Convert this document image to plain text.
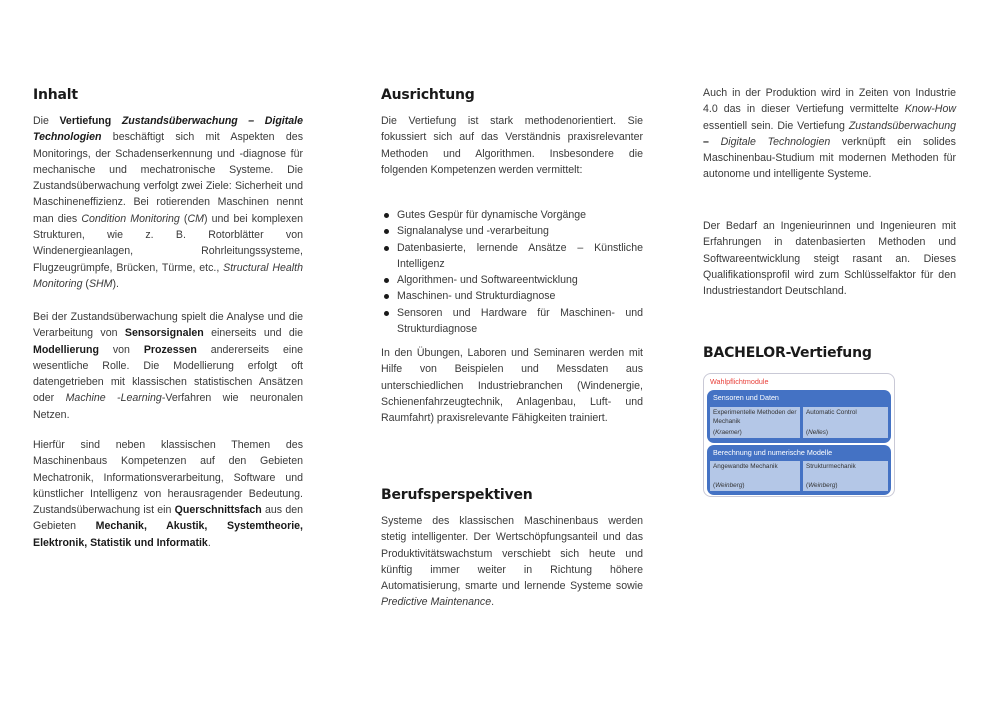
Inhalt

Die Vertiefung Zustandsüberwachung – Digitale Technologien beschäftigt sich mit Aspekten des Monitorings, der Schadenserkennung und -diagnose für mechanische und mechatronische Systeme. Die Zustandsüberwachung verfolgt zwei Ziele: Sicherheit und Maschineneffizienz. Bei rotierenden Maschinen nennt man dies Condition Monitoring (CM) und bei komplexen Strukturen, wie z. B. Rotorblätter von Windenergieanlagen, Rohrleitungssysteme, Flugzeugrümpfe, Brücken, Türme, etc., Structural Health Monitoring (SHM).

Bei der Zustandsüberwachung spielt die Analyse und die Verarbeitung von Sensorsignalen einerseits und die Modellierung von Prozessen andererseits eine wesentliche Rolle. Die Modellierung erfolgt oft datengetrieben mit klassischen statistischen Ansätzen oder Machine -Learning-Verfahren wie neuronalen Netzen.

Hierfür sind neben klassischen Themen des Maschinenbaus Kompetenzen auf den Gebieten Mechatronik, Informationsverarbeitung, Software und künstlicher Intelligenz von herausragender Bedeutung. Zustandsüberwachung ist ein Querschnittsfach aus den Gebieten Mechanik, Akustik, Systemtheorie, Elektronik, Statistik und Informatik.

Ausrichtung

Die Vertiefung ist stark methodenorientiert. Sie fokussiert sich auf das Verständnis praxisrelevanter Methoden und Algorithmen. Insbesondere die folgenden Kompetenzen werden vermittelt:

Gutes Gespür für dynamische Vorgänge
Signalanalyse und -verarbeitung
Datenbasierte, lernende Ansätze – Künstliche Intelligenz
Algorithmen- und Softwareentwicklung
Maschinen- und Strukturdiagnose
Sensoren und Hardware für Maschinen- und Strukturdiagnose

In den Übungen, Laboren und Seminaren werden mit Hilfe von Beispielen und Messdaten aus unterschiedlichen Industriebranchen (Windenergie, Schienenfahrzeugtechnik, Anlagenbau, Luft- und Raumfahrt) praxisrelevante Fähigkeiten trainiert.

Berufsperspektiven

Systeme des klassischen Maschinenbaus werden stetig intelligenter. Der Wertschöpfungsanteil und das Produktivitätswachstum verschiebt sich heute und künftig immer weiter in Richtung höhere Automatisierung, smarte und lernende Systeme sowie Predictive Maintenance.

Auch in der Produktion wird in Zeiten von Industrie 4.0 das in dieser Vertiefung vermittelte Know-How essentiell sein. Die Vertiefung Zustandsüberwachung – Digitale Technologien verknüpft ein solides Maschinenbau-Studium mit modernen Methoden für autonome und intelligente Systeme.

Der Bedarf an Ingenieurinnen und Ingenieuren mit Erfahrungen in datenbasierten Methoden und Softwareentwicklung steigt rasant an. Dieses Qualifikationsprofil wird zum Schlüsselfaktor für den Industriestandort Deutschland.

BACHELOR-Vertiefung
Wahlpflichtmodule
Sensoren und Daten
Experimentelle Methoden der Mechanik
(Kraemer)
Automatic Control
(Nelles)
Berechnung und numerische Modelle
Angewandte Mechanik
(Weinberg)
Strukturmechanik
(Weinberg)
